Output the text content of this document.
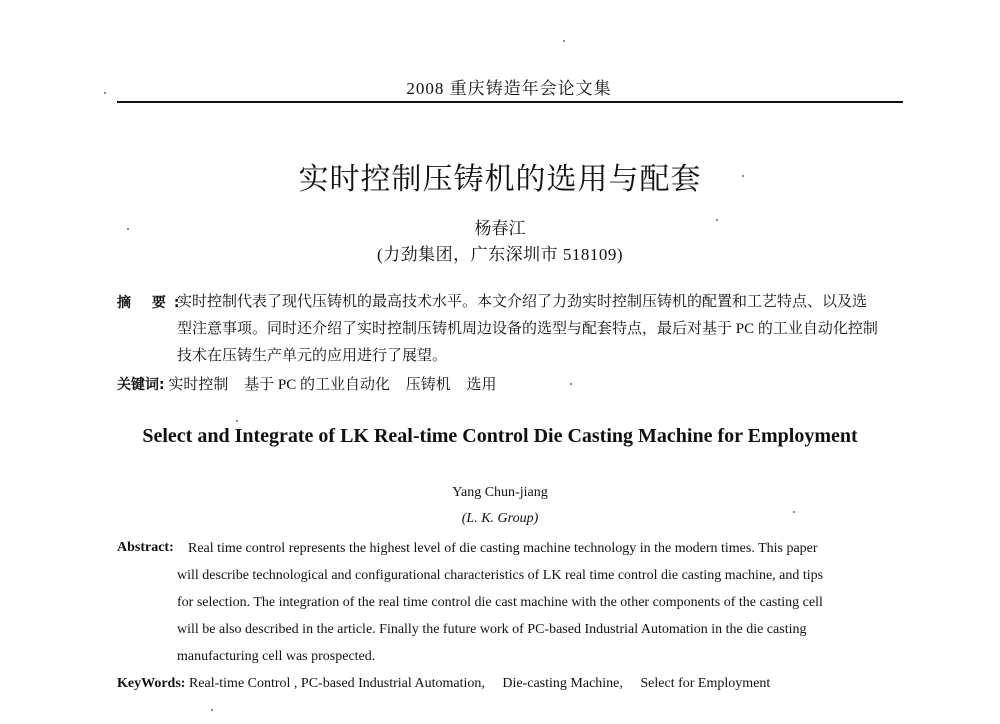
2008 重庆铸造年会论文集
实时控制压铸机的选用与配套
杨春江
(力劲集团，广东深圳市 518109)
摘 要:
实时控制代表了现代压铸机的最高技术水平。本文介绍了力劲实时控制压铸机的配置和工艺特点、以及选
型注意事项。同时还介绍了实时控制压铸机周边设备的选型与配套特点，最后对基于 PC 的工业自动化控制
技术在压铸生产单元的应用进行了展望。
关键词: 实时控制 基于 PC 的工业自动化 压铸机 选用
Select and Integrate of LK Real-time Control Die Casting Machine for Employment
Yang Chun-jiang
(L. K. Group)
Abstract: Real time control represents the highest level of die casting machine technology in the modern times. This paper
will describe technological and configurational characteristics of LK real time control die casting machine, and tips
for selection. The integration of the real time control die cast machine with the other components of the casting cell
will be also described in the article. Finally the future work of PC-based Industrial Automation in the die casting
manufacturing cell was prospected.
KeyWords: Real-time Control , PC-based Industrial Automation, Die-casting Machine, Select for Employment
